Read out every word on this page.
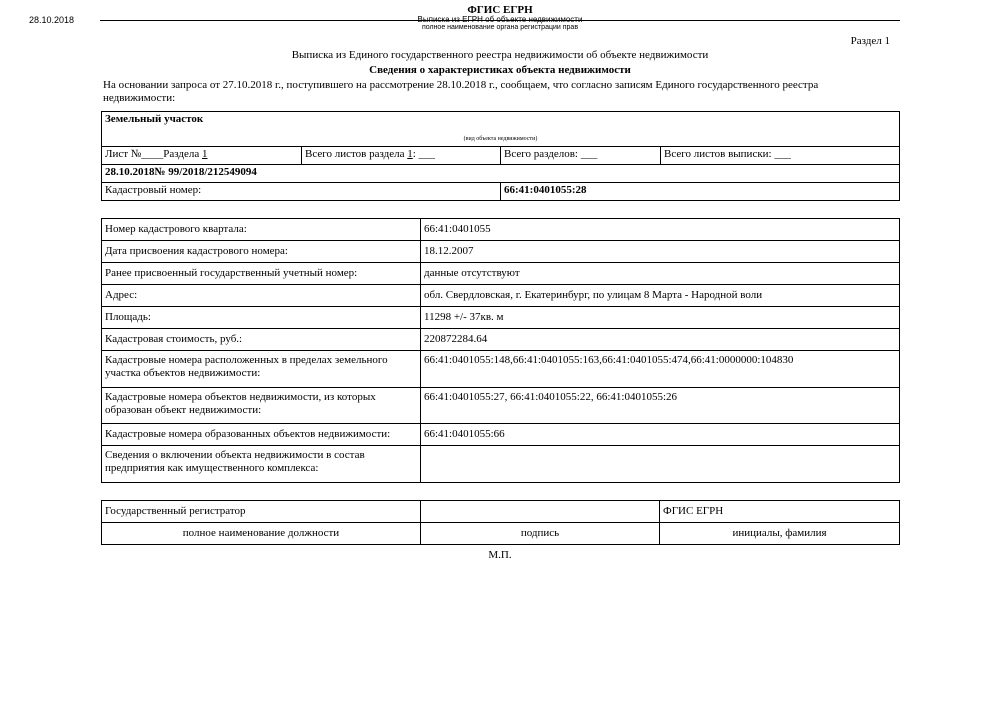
28.10.2018
ФГИС ЕГРН
Выписка из ЕГРН об объекте недвижимости
полное наименование органа регистрации прав
Раздел 1
Выписка из Единого государственного реестра недвижимости об объекте недвижимости
Сведения о характеристиках объекта недвижимости
На основании запроса от 27.10.2018 г., поступившего на рассмотрение 28.10.2018 г., сообщаем, что согласно записям Единого государственного реестра недвижимости:
Земельный участок			
(вид объекта недвижимости)			
Лист №____Раздела 1	Всего листов раздела 1: ___	Всего разделов: ___	Всего листов выписки: ___
28.10.2018№ 99/2018/212549094			
Кадастровый номер:		66:41:0401055:28	
Номер кадастрового квартала:	66:41:0401055
Дата присвоения кадастрового номера:	18.12.2007
Ранее присвоенный государственный учетный номер:	данные отсутствуют
Адрес:	обл. Свердловская, г. Екатеринбург, по улицам 8 Марта - Народной воли
Площадь:	11298 +/- 37кв. м
Кадастровая стоимость, руб.:	220872284.64
Кадастровые номера расположенных в пределах земельного участка объектов недвижимости:	66:41:0401055:148,66:41:0401055:163,66:41:0401055:474,66:41:0000000:104830
Кадастровые номера объектов недвижимости, из которых образован объект недвижимости:	66:41:0401055:27, 66:41:0401055:22, 66:41:0401055:26
Кадастровые номера образованных объектов недвижимости:	66:41:0401055:66
Сведения о включении объекта недвижимости в состав предприятия как имущественного комплекса:	
Государственный регистратор		ФГИС ЕГРН
полное наименование должности	подпись	инициалы, фамилия
М.П.
